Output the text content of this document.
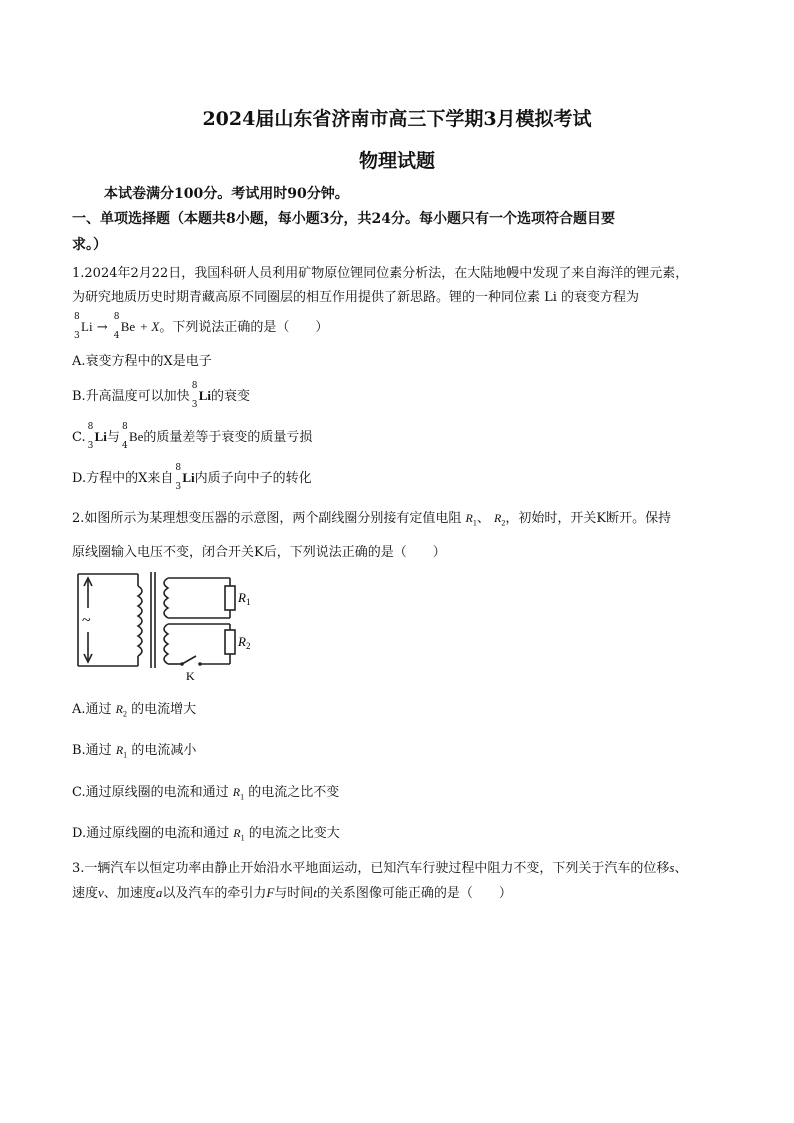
2024届山东省济南市高三下学期3月模拟考试
物理试题
本试卷满分100分。考试用时90分钟。
一、单项选择题（本题共8小题，每小题3分，共24分。每小题只有一个选项符合题目要
求。）
1.2024年2月22日，我国科研人员利用矿物原位锂同位素分析法，在大陆地幔中发现了来自海洋的锂元素，
为研究地质历史时期青藏高原不同圈层的相互作用提供了新思路。锂的一种同位素 Li 的衰变方程为
8
3
Li →
8
4
Be + X。下列说法正确的是（　　）
A.衰变方程中的X是电子
B.升高温度可以加快
8
3
Li的衰变
C.
8
3
Li与
8
4
Be的质量差等于衰变的质量亏损
D.方程中的X来自
8
3
Li内质子向中子的转化
2.如图所示为某理想变压器的示意图，两个副线圈分别接有定值电阻 $R_1$、 $R_2$，初始时，开关K断开。保持
原线圈输入电压不变，闭合开关K后，下列说法正确的是（　　）
~
$R_1$
$R_2$
K
A.通过 $R_2$ 的电流增大
B.通过 $R_1$ 的电流减小
C.通过原线圈的电流和通过 $R_1$ 的电流之比不变
D.通过原线圈的电流和通过 $R_1$ 的电流之比变大
3.一辆汽车以恒定功率由静止开始沿水平地面运动，已知汽车行驶过程中阻力不变，下列关于汽车的位移s、
速度v、加速度a以及汽车的牵引力F与时间t的关系图像可能正确的是（　　）
